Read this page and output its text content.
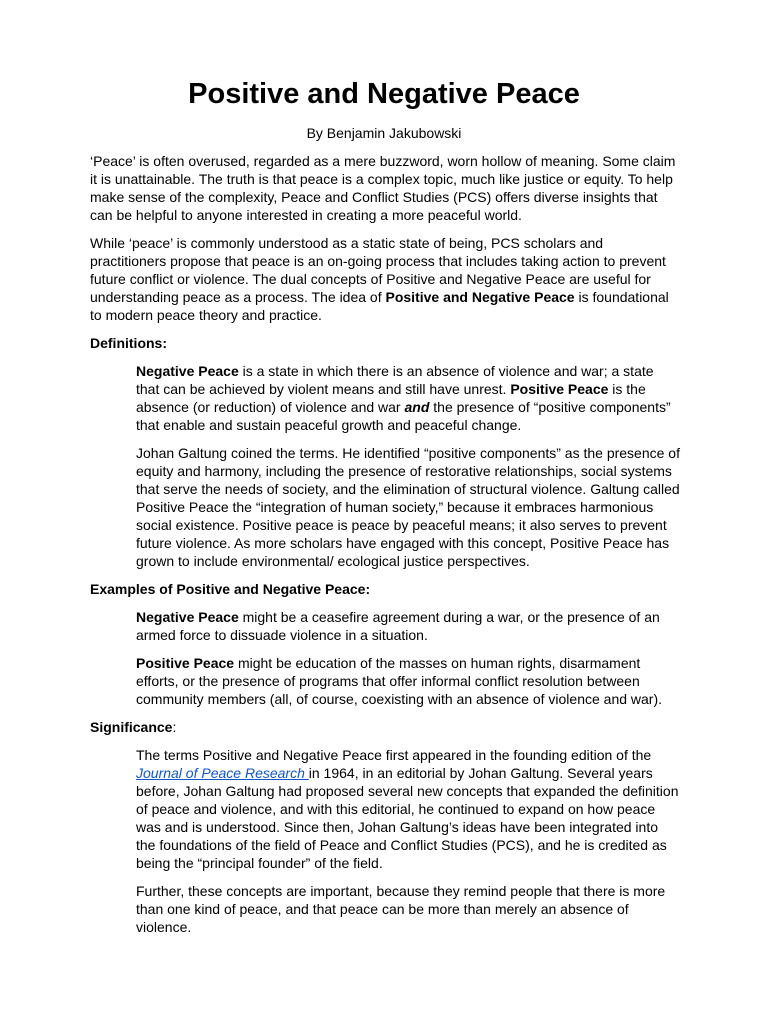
Positive and Negative Peace
By Benjamin Jakubowski

‘Peace’ is often overused, regarded as a mere buzzword, worn hollow of meaning. Some claim it is unattainable. The truth is that peace is a complex topic, much like justice or equity. To help make sense of the complexity, Peace and Conflict Studies (PCS) offers diverse insights that can be helpful to anyone interested in creating a more peaceful world.

While ‘peace’ is commonly understood as a static state of being, PCS scholars and practitioners propose that peace is an on-going process that includes taking action to prevent future conflict or violence. The dual concepts of Positive and Negative Peace are useful for understanding peace as a process. The idea of Positive and Negative Peace is foundational to modern peace theory and practice.

Definitions:

Negative Peace is a state in which there is an absence of violence and war; a state that can be achieved by violent means and still have unrest. Positive Peace is the absence (or reduction) of violence and war and the presence of “positive components” that enable and sustain peaceful growth and peaceful change.

Johan Galtung coined the terms. He identified “positive components” as the presence of equity and harmony, including the presence of restorative relationships, social systems that serve the needs of society, and the elimination of structural violence. Galtung called Positive Peace the “integration of human society,” because it embraces harmonious social existence. Positive peace is peace by peaceful means; it also serves to prevent future violence. As more scholars have engaged with this concept, Positive Peace has grown to include environmental/ ecological justice perspectives.

Examples of Positive and Negative Peace:

Negative Peace might be a ceasefire agreement during a war, or the presence of an armed force to dissuade violence in a situation.

Positive Peace might be education of the masses on human rights, disarmament efforts, or the presence of programs that offer informal conflict resolution between community members (all, of course, coexisting with an absence of violence and war).

Significance:

The terms Positive and Negative Peace first appeared in the founding edition of the Journal of Peace Research in 1964, in an editorial by Johan Galtung. Several years before, Johan Galtung had proposed several new concepts that expanded the definition of peace and violence, and with this editorial, he continued to expand on how peace was and is understood. Since then, Johan Galtung’s ideas have been integrated into the foundations of the field of Peace and Conflict Studies (PCS), and he is credited as being the “principal founder” of the field.

Further, these concepts are important, because they remind people that there is more than one kind of peace, and that peace can be more than merely an absence of violence.
